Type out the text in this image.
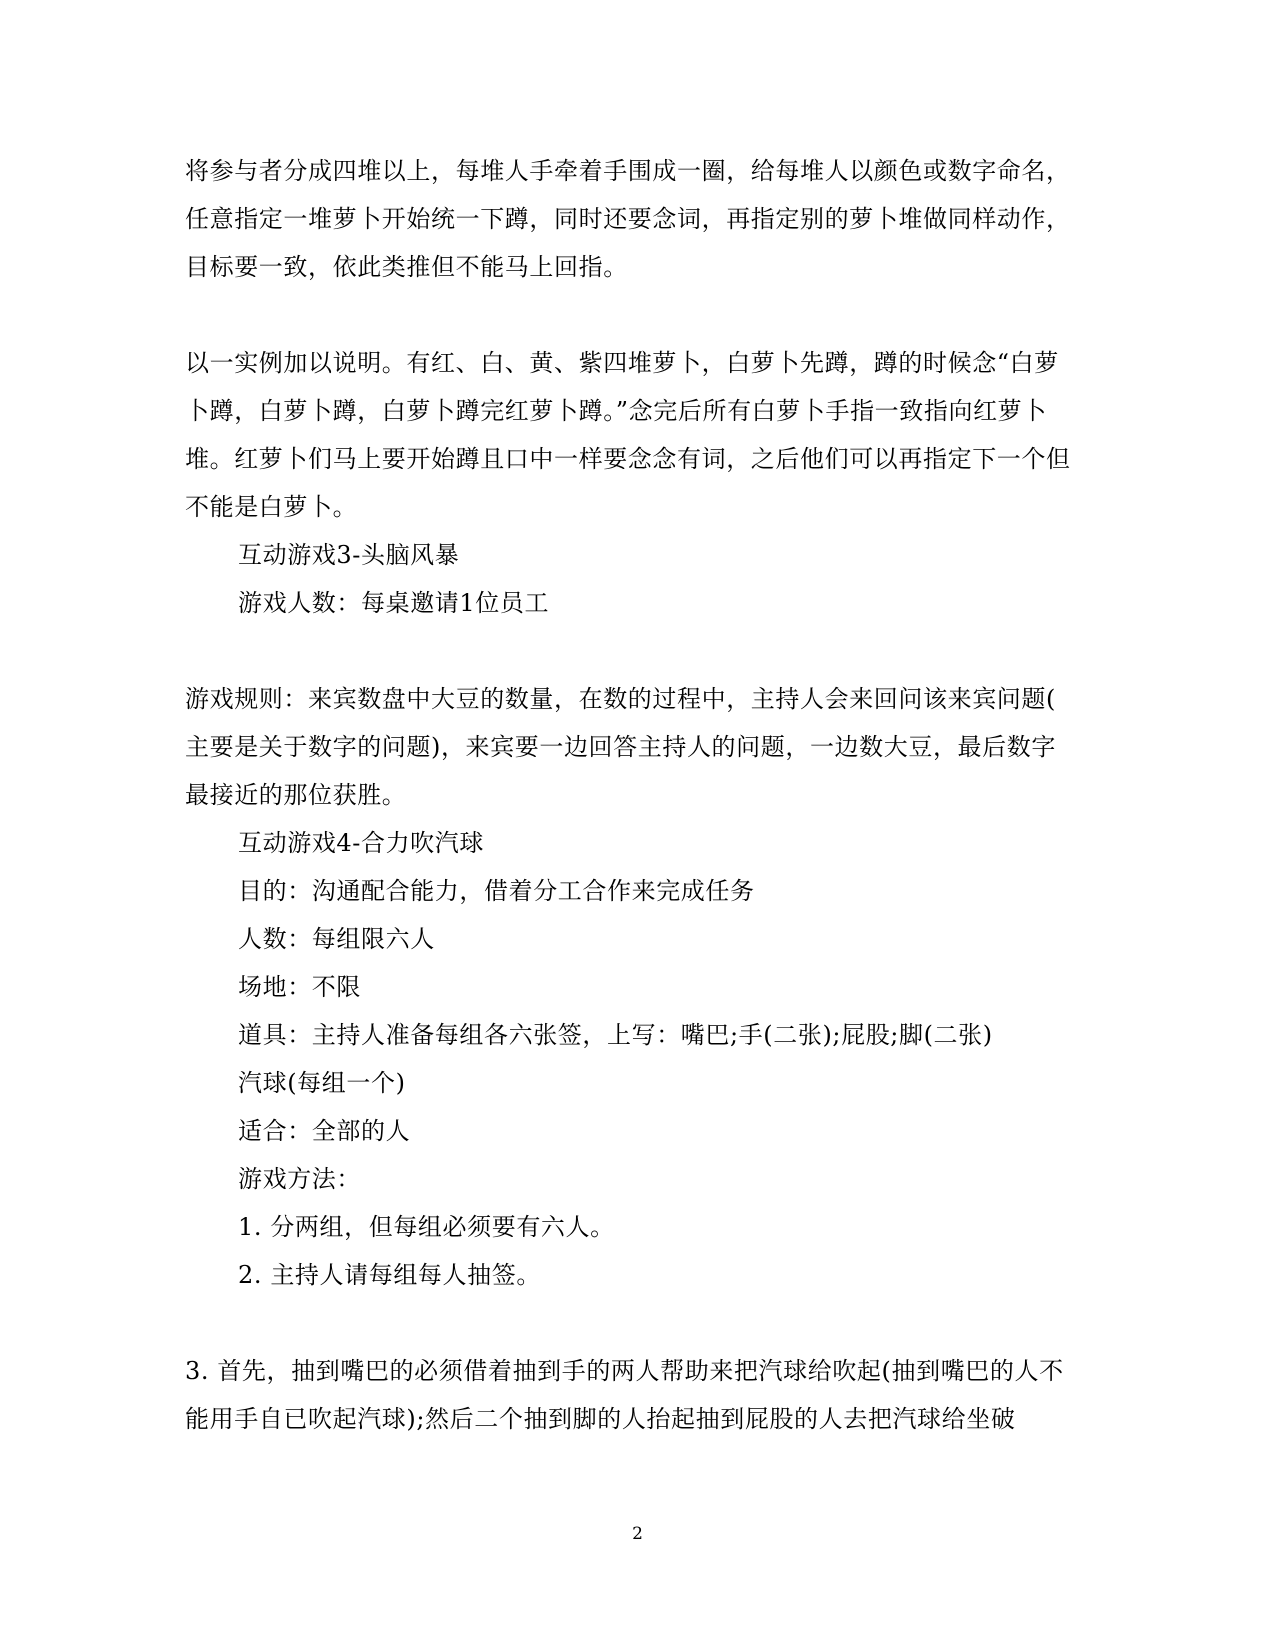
将参与者分成四堆以上，每堆人手牵着手围成一圈，给每堆人以颜色或数字命名，
任意指定一堆萝卜开始统一下蹲，同时还要念词，再指定别的萝卜堆做同样动作，
目标要一致，依此类推但不能马上回指。
以一实例加以说明。有红、白、黄、紫四堆萝卜，白萝卜先蹲，蹲的时候念“白萝
卜蹲，白萝卜蹲，白萝卜蹲完红萝卜蹲。”念完后所有白萝卜手指一致指向红萝卜
堆。红萝卜们马上要开始蹲且口中一样要念念有词，之后他们可以再指定下一个但
不能是白萝卜。
互动游戏3-头脑风暴
游戏人数：每桌邀请1位员工
游戏规则：来宾数盘中大豆的数量，在数的过程中，主持人会来回问该来宾问题(
主要是关于数字的问题)，来宾要一边回答主持人的问题，一边数大豆，最后数字
最接近的那位获胜。
互动游戏4-合力吹汽球
目的：沟通配合能力，借着分工合作来完成任务
人数：每组限六人
场地：不限
道具：主持人准备每组各六张签，上写：嘴巴;手(二张);屁股;脚(二张)
汽球(每组一个)
适合：全部的人
游戏方法：
1. 分两组，但每组必须要有六人。
2. 主持人请每组每人抽签。
3. 首先，抽到嘴巴的必须借着抽到手的两人帮助来把汽球给吹起(抽到嘴巴的人不
能用手自已吹起汽球);然后二个抽到脚的人抬起抽到屁股的人去把汽球给坐破
2
